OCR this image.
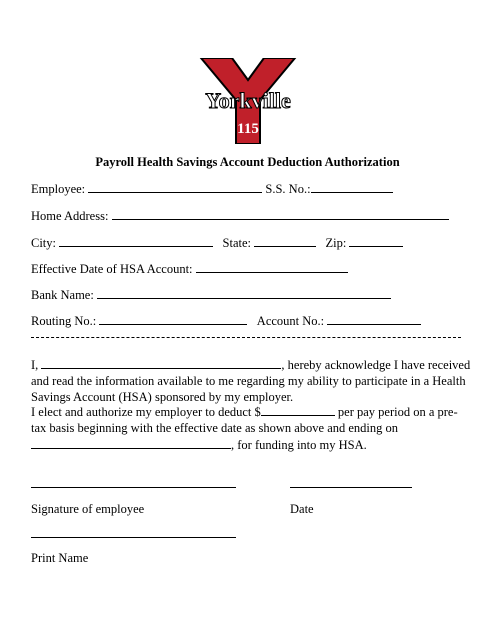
Yorkville
115
Payroll Health Savings Account Deduction Authorization
Employee:	S.S. No.:
Home Address:
City:	State:	Zip:
Effective Date of HSA Account:
Bank Name:
Routing No.:	Account No.:
I,	, hereby acknowledge I have received and read the information available to me regarding my ability to participate in a Health Savings Account (HSA) sponsored by my employer.
I elect and authorize my employer to deduct $	per pay period on a pre-tax basis beginning with the effective date as shown above and ending on , for funding into my HSA.
Signature of employee	Date
Print Name
